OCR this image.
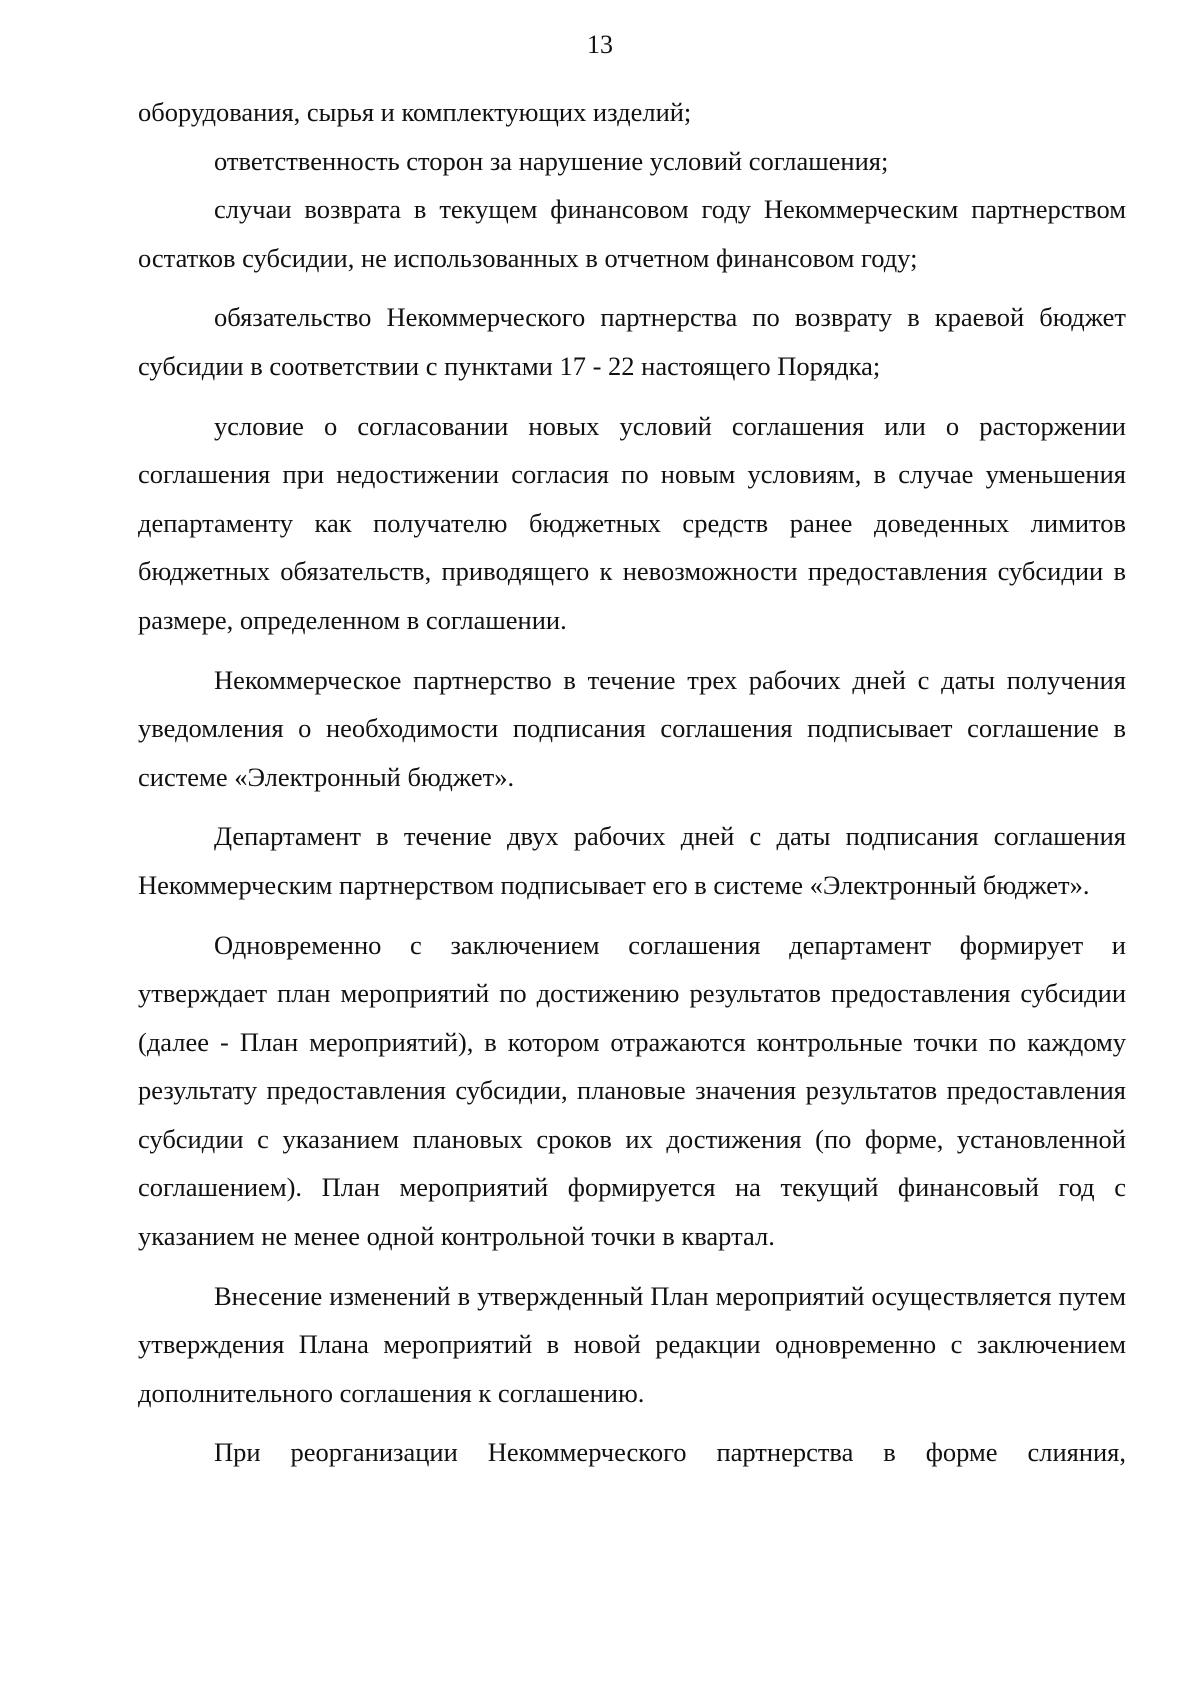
13

оборудования, сырья и комплектующих изделий;

ответственность сторон за нарушение условий соглашения;

случаи возврата в текущем финансовом году Некоммерческим партнерством остатков субсидии, не использованных в отчетном финансовом году;

обязательство Некоммерческого партнерства по возврату в краевой бюджет субсидии в соответствии с пунктами 17 - 22 настоящего Порядка;

условие о согласовании новых условий соглашения или о расторжении соглашения при недостижении согласия по новым условиям, в случае уменьшения департаменту как получателю бюджетных средств ранее доведенных лимитов бюджетных обязательств, приводящего к невозможности предоставления субсидии в размере, определенном в соглашении.

Некоммерческое партнерство в течение трех рабочих дней с даты получения уведомления о необходимости подписания соглашения подписывает соглашение в системе «Электронный бюджет».

Департамент в течение двух рабочих дней с даты подписания соглашения Некоммерческим партнерством подписывает его в системе «Электронный бюджет».

Одновременно с заключением соглашения департамент формирует и утверждает план мероприятий по достижению результатов предоставления субсидии (далее - План мероприятий), в котором отражаются контрольные точки по каждому результату предоставления субсидии, плановые значения результатов предоставления субсидии с указанием плановых сроков их достижения (по форме, установленной соглашением). План мероприятий формируется на текущий финансовый год с указанием не менее одной контрольной точки в квартал.

Внесение изменений в утвержденный План мероприятий осуществляется путем утверждения Плана мероприятий в новой редакции одновременно с заключением дополнительного соглашения к соглашению.

При реорганизации Некоммерческого партнерства в форме слияния,
